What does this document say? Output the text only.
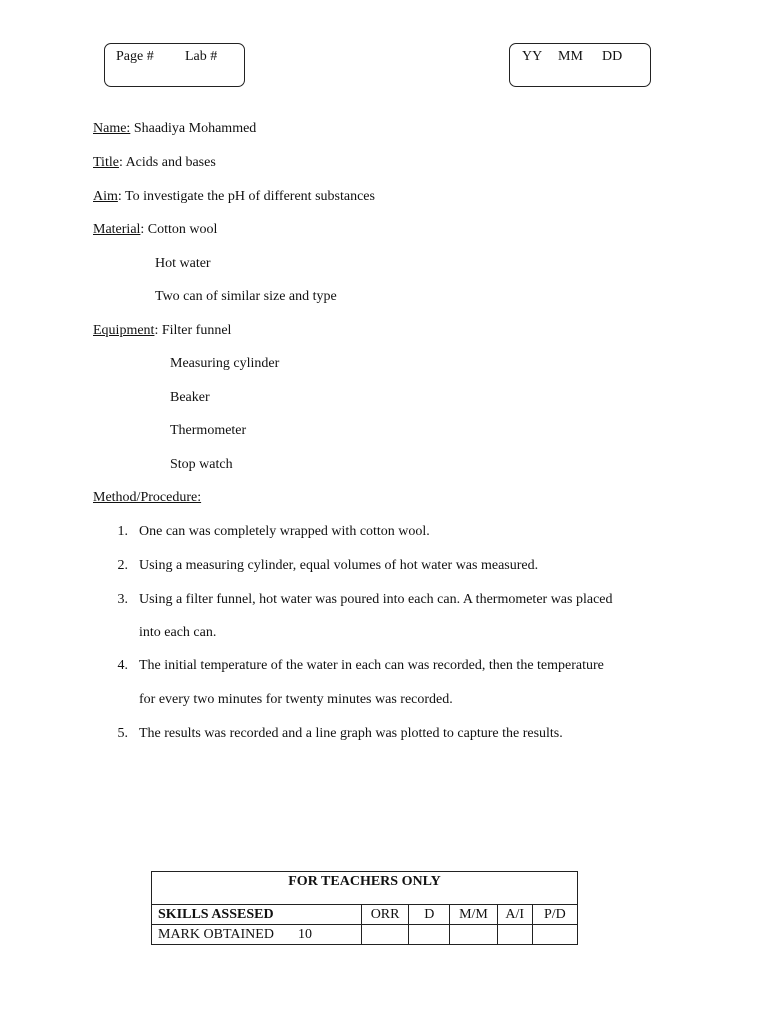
Page # Lab #	YY MM DD
Name: Shaadiya Mohammed
Title: Acids and bases
Aim: To investigate the pH of different substances
Material: Cotton wool
Hot water
Two can of similar size and type
Equipment: Filter funnel
Measuring cylinder
Beaker
Thermometer
Stop watch
Method/Procedure:
1. One can was completely wrapped with cotton wool.
2. Using a measuring cylinder, equal volumes of hot water was measured.
3. Using a filter funnel, hot water was poured into each can. A thermometer was placed
into each can.
4. The initial temperature of the water in each can was recorded, then the temperature
for every two minutes for twenty minutes was recorded.
5. The results was recorded and a line graph was plotted to capture the results.
FOR TEACHERS ONLY					
SKILLS ASSESED	ORR	D	M/M	A/I	P/D
MARK OBTAINED 10					
